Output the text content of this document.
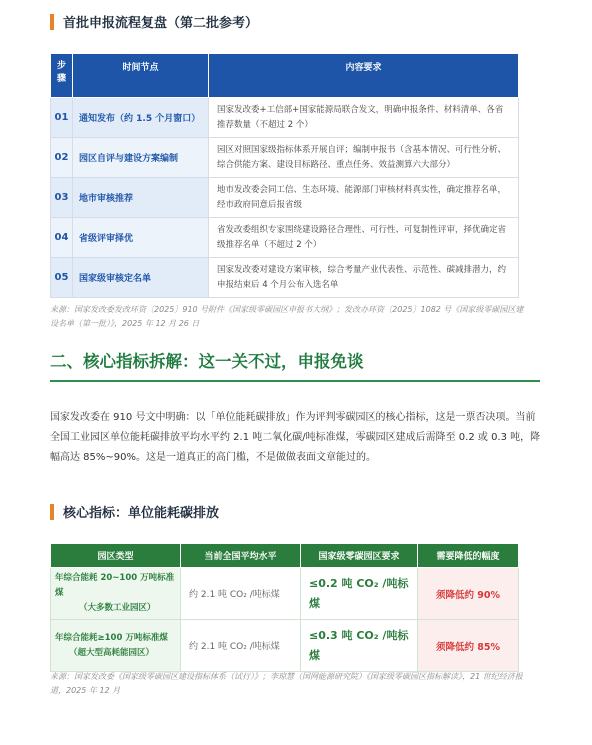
首批申报流程复盘（第二批参考）
步骤	时间节点	内容要求
01	通知发布（约 1.5 个月窗口）	国家发改委+工信部+国家能源局联合发文，明确申报条件、材料清单、各省推荐数量（不超过 2 个）
02	园区自评与建设方案编制	园区对照国家级指标体系开展自评；编制申报书（含基本情况、可行性分析、综合供能方案、建设目标路径、重点任务、效益测算六大部分）
03	地市审核推荐	地市发改委会同工信、生态环境、能源部门审核材料真实性，确定推荐名单，经市政府同意后报省级
04	省级评审择优	省发改委组织专家围绕建设路径合理性、可行性、可复制性评审，择优确定省级推荐名单（不超过 2 个）
05	国家级审核定名单	国家发改委对建设方案审核，综合考量产业代表性、示范性、碳减排潜力，约申报结束后 4 个月公布入选名单
来源：国家发改委发改环资〔2025〕910 号附件《国家级零碳园区申报书大纲》；发改办环资〔2025〕1082 号《国家级零碳园区建设名单（第一批）》，2025 年 12 月 26 日
二、核心指标拆解：这一关不过，申报免谈
国家发改委在 910 号文中明确：以「单位能耗碳排放」作为评判零碳园区的核心指标，这是一票否决项。当前全国工业园区单位能耗碳排放平均水平约 2.1 吨二氧化碳/吨标准煤，零碳园区建成后需降至 0.2 或 0.3 吨，降幅高达 85%~90%。这是一道真正的高门槛，不是做做表面文章能过的。
核心指标：单位能耗碳排放
园区类型	当前全国平均水平	国家级零碳园区要求	需要降低的幅度
年综合能耗 20~100 万吨标准煤
（大多数工业园区）	约 2.1 吨 CO₂ /吨标煤	≤0.2 吨 CO₂ /吨标煤	须降低约 90%
年综合能耗≥100 万吨标准煤
（超大型高耗能园区）	约 2.1 吨 CO₂ /吨标煤	≤0.3 吨 CO₂ /吨标煤	须降低约 85%
来源：国家发改委《国家级零碳园区建设指标体系（试行）》；李琼慧（国网能源研究院）《国家级零碳园区指标解读》，21 世纪经济报道，2025 年 12 月
